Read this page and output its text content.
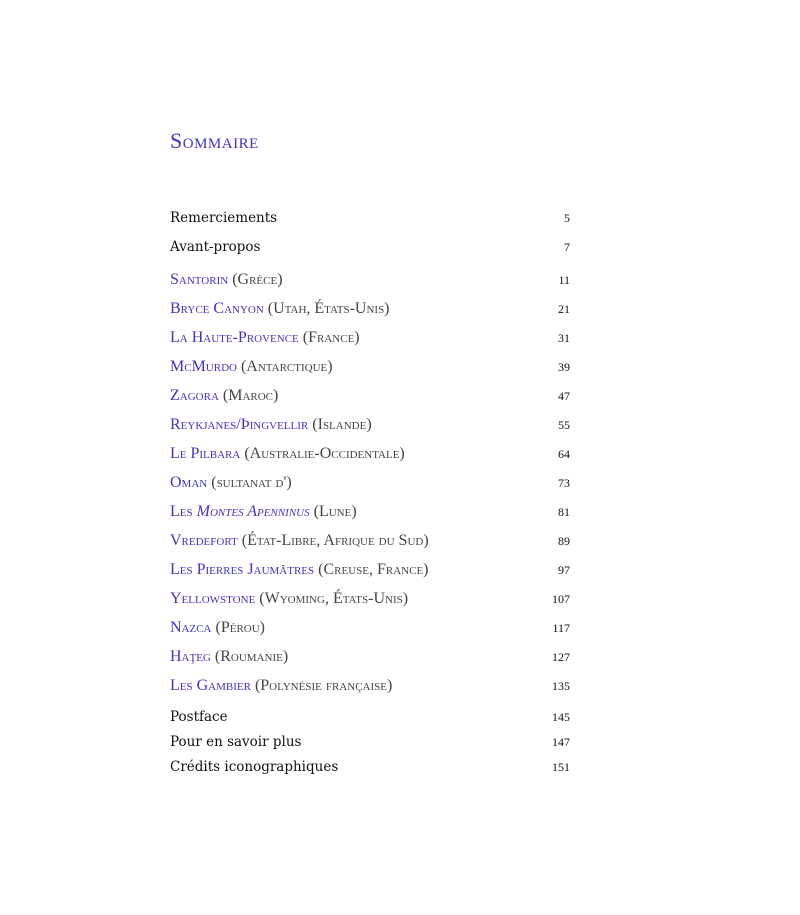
Sommaire
Remerciements	5
Avant-propos	7
Santorin (Grèce)	11
Bryce Canyon (Utah, États-Unis)	21
La Haute-Provence (France)	31
McMurdo (Antarctique)	39
Zagora (Maroc)	47
Reykjanes/Þingvellir (Islande)	55
Le Pilbara (Australie-Occidentale)	64
Oman (sultanat d')	73
Les Montes Apenninus (Lune)	81
Vredefort (État-Libre, Afrique du Sud)	89
Les Pierres Jaumâtres (Creuse, France)	97
Yellowstone (Wyoming, États-Unis)	107
Nazca (Pérou)	117
Haţeg (Roumanie)	127
Les Gambier (Polynésie française)	135
Postface	145
Pour en savoir plus	147
Crédits iconographiques	151
